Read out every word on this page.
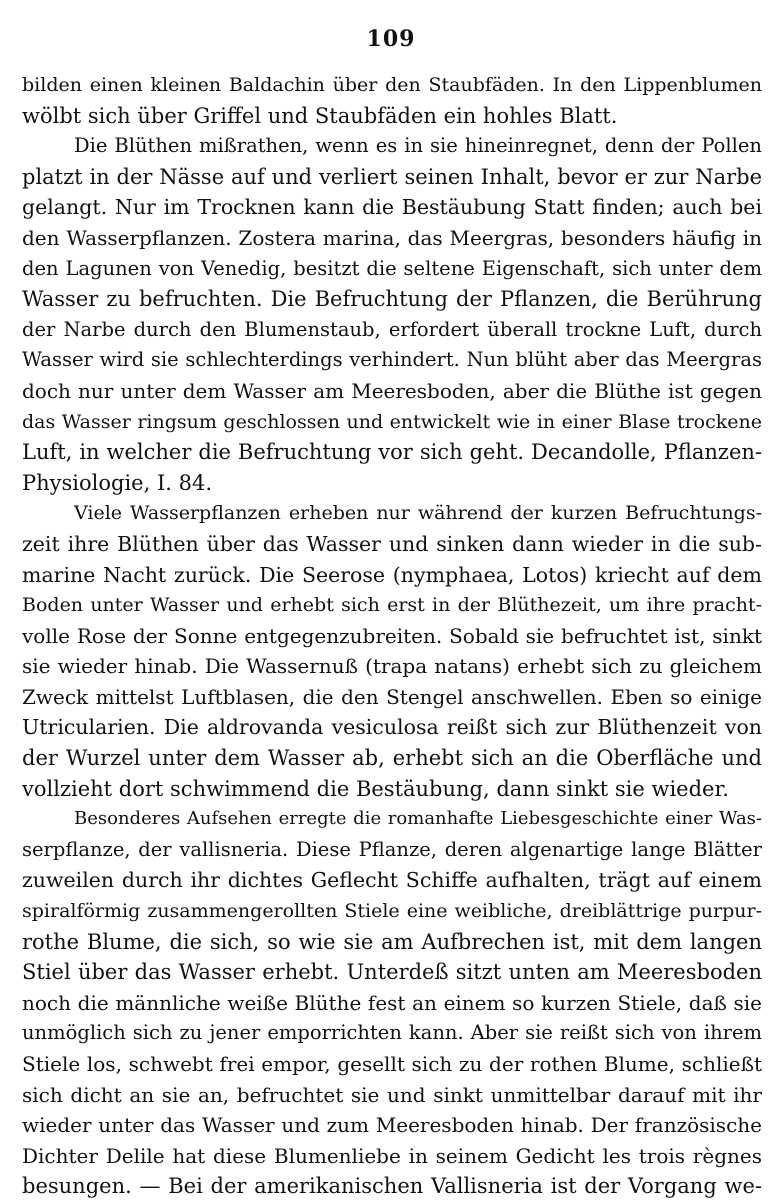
109
bilden einen kleinen Baldachin über den Staubfäden. In den Lippenblumen
wölbt sich über Griffel und Staubfäden ein hohles Blatt.
Die Blüthen mißrathen, wenn es in sie hineinregnet, denn der Pollen
platzt in der Nässe auf und verliert seinen Inhalt, bevor er zur Narbe
gelangt. Nur im Trocknen kann die Bestäubung Statt finden; auch bei
den Wasserpflanzen. Zostera marina, das Meergras, besonders häufig in
den Lagunen von Venedig, besitzt die seltene Eigenschaft, sich unter dem
Wasser zu befruchten. Die Befruchtung der Pflanzen, die Berührung
der Narbe durch den Blumenstaub, erfordert überall trockne Luft, durch
Wasser wird sie schlechterdings verhindert. Nun blüht aber das Meergras
doch nur unter dem Wasser am Meeresboden, aber die Blüthe ist gegen
das Wasser ringsum geschlossen und entwickelt wie in einer Blase trockene
Luft, in welcher die Befruchtung vor sich geht. Decandolle, Pflanzen-
Physiologie, I. 84.
Viele Wasserpflanzen erheben nur während der kurzen Befruchtungs-
zeit ihre Blüthen über das Wasser und sinken dann wieder in die sub-
marine Nacht zurück. Die Seerose (nymphaea, Lotos) kriecht auf dem
Boden unter Wasser und erhebt sich erst in der Blüthezeit, um ihre pracht-
volle Rose der Sonne entgegenzubreiten. Sobald sie befruchtet ist, sinkt
sie wieder hinab. Die Wassernuß (trapa natans) erhebt sich zu gleichem
Zweck mittelst Luftblasen, die den Stengel anschwellen. Eben so einige
Utricularien. Die aldrovanda vesiculosa reißt sich zur Blüthenzeit von
der Wurzel unter dem Wasser ab, erhebt sich an die Oberfläche und
vollzieht dort schwimmend die Bestäubung, dann sinkt sie wieder.
Besonderes Aufsehen erregte die romanhafte Liebesgeschichte einer Was-
serpflanze, der vallisneria. Diese Pflanze, deren algenartige lange Blätter
zuweilen durch ihr dichtes Geflecht Schiffe aufhalten, trägt auf einem
spiralförmig zusammengerollten Stiele eine weibliche, dreiblättrige purpur-
rothe Blume, die sich, so wie sie am Aufbrechen ist, mit dem langen
Stiel über das Wasser erhebt. Unterdeß sitzt unten am Meeresboden
noch die männliche weiße Blüthe fest an einem so kurzen Stiele, daß sie
unmöglich sich zu jener emporrichten kann. Aber sie reißt sich von ihrem
Stiele los, schwebt frei empor, gesellt sich zu der rothen Blume, schließt
sich dicht an sie an, befruchtet sie und sinkt unmittelbar darauf mit ihr
wieder unter das Wasser und zum Meeresboden hinab. Der französische
Dichter Delile hat diese Blumenliebe in seinem Gedicht les trois règnes
besungen. — Bei der amerikanischen Vallisneria ist der Vorgang we-
